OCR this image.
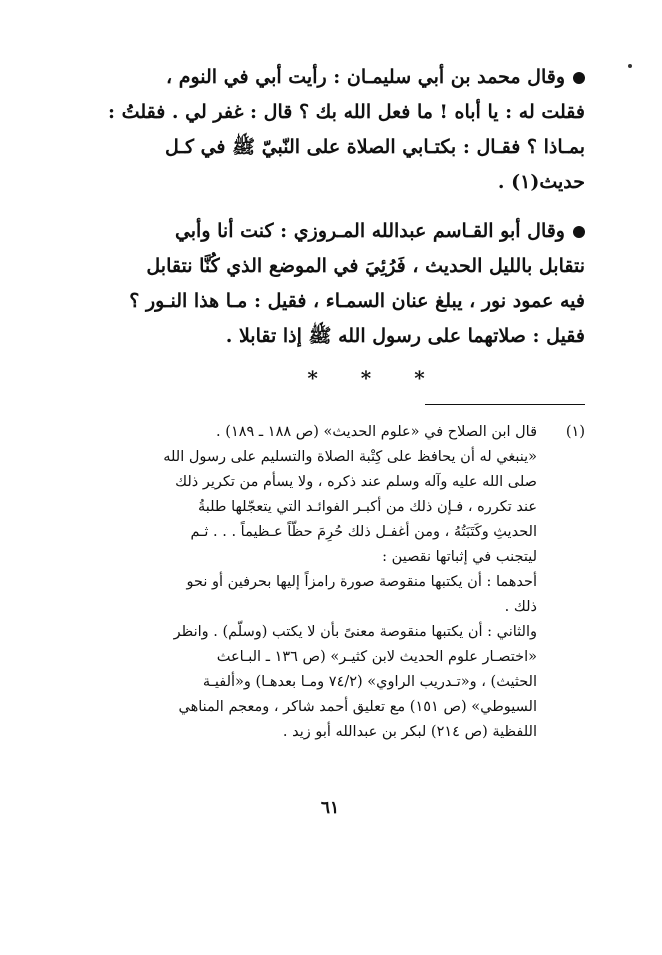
وقال محمد بن أبي سليمـان : رأيت أبي في النوم ،
فقلت له : يا أباه ! ما فعل الله بك ؟ قال : غفر لي . فقلتُ :
بمـاذا ؟ فقـال : بكتـابي الصلاة على النّبيّ ﷺ في كـل
حديث(١) .
وقال أبو القـاسم عبدالله المـروزي : كنت أنا وأبي
نتقابل بالليل الحديث ، فَرُئِيَ في الموضع الذي كُنَّا نتقابل
فيه عمود نور ، يبلغ عنان السمـاء ، فقيل : مـا هذا النـور ؟
فقيل : صلاتهما على رسول الله ﷺ إذا تقابلا .
* * *
(١)
قال ابن الصلاح في «علوم الحديث» (ص ١٨٨ ـ ١٨٩) .
«ينبغي له أن يحافظ على كِتْبة الصلاة والتسليم على رسول الله
صلى الله عليه وآله وسلم عند ذكره ، ولا يسأم من تكرير ذلك
عند تكرره ، فـإن ذلك من أكبـر الفوائـد التي يتعجّلها طلبةُ
الحديثِ وكَتَبَتُهُ ، ومن أغفـل ذلك حُرِمَ حظّاً عـظيماً . . . ثـم
ليتجنب في إثباتها نقصين :
أحدهما : أن يكتبها منقوصة صورة رامزاً إليها بحرفين أو نحو
ذلك .
والثاني : أن يكتبها منقوصة معنىً بأن لا يكتب (وسلّم) . وانظر
«اختصـار علوم الحديث لابن كثيـر» (ص ١٣٦ ـ البـاعث
الحثيث) ، و«تـدريب الراوي» (٧٤/٢ ومـا بعدهـا) و«ألفيـة
السيوطي» (ص ١٥١) مع تعليق أحمد شاكر ، ومعجم المناهي
اللفظية (ص ٢١٤) لبكر بن عبدالله أبو زيد .
٦١
